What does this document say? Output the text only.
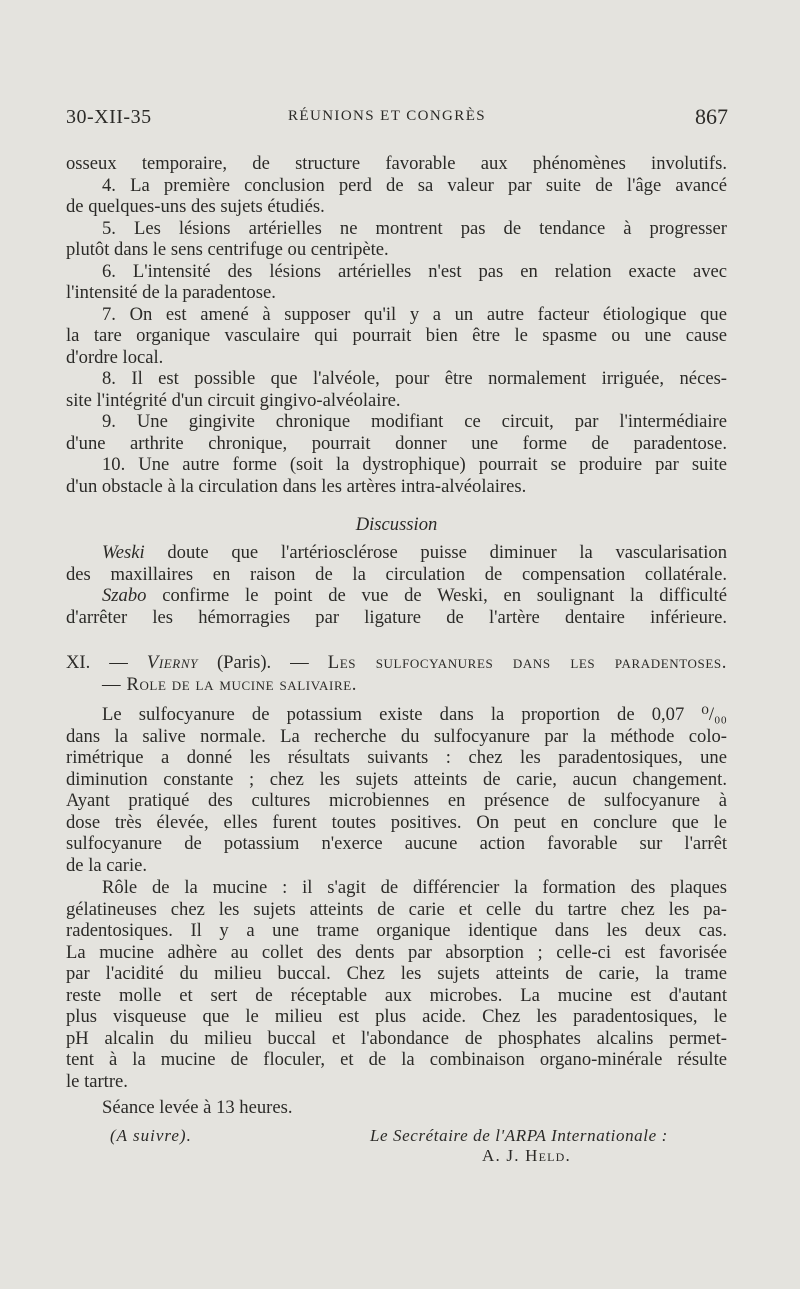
30-XII-35	RÉUNIONS ET CONGRÈS	867
osseux temporaire, de structure favorable aux phénomènes involutifs.
4. La première conclusion perd de sa valeur par suite de l'âge avancé
de quelques-uns des sujets étudiés.
5. Les lésions artérielles ne montrent pas de tendance à progresser
plutôt dans le sens centrifuge ou centripète.
6. L'intensité des lésions artérielles n'est pas en relation exacte avec
l'intensité de la paradentose.
7. On est amené à supposer qu'il y a un autre facteur étiologique que
la tare organique vasculaire qui pourrait bien être le spasme ou une cause
d'ordre local.
8. Il est possible que l'alvéole, pour être normalement irriguée, néces-
site l'intégrité d'un circuit gingivo-alvéolaire.
9. Une gingivite chronique modifiant ce circuit, par l'intermédiaire
d'une arthrite chronique, pourrait donner une forme de paradentose.
10. Une autre forme (soit la dystrophique) pourrait se produire par suite
d'un obstacle à la circulation dans les artères intra-alvéolaires.
Discussion
Weski doute que l'artériosclérose puisse diminuer la vascularisation
des maxillaires en raison de la circulation de compensation collatérale.
Szabo confirme le point de vue de Weski, en soulignant la difficulté
d'arrêter les hémorragies par ligature de l'artère dentaire inférieure.
XI. — Vierny (Paris). — Les sulfocyanures dans les paradentoses.
— Role de la mucine salivaire.
Le sulfocyanure de potassium existe dans la proportion de 0,07 ⁰/₀₀
dans la salive normale. La recherche du sulfocyanure par la méthode colo-
rimétrique a donné les résultats suivants : chez les paradentosiques, une
diminution constante ; chez les sujets atteints de carie, aucun changement.
Ayant pratiqué des cultures microbiennes en présence de sulfocyanure à
dose très élevée, elles furent toutes positives. On peut en conclure que le
sulfocyanure de potassium n'exerce aucune action favorable sur l'arrêt
de la carie.
Rôle de la mucine : il s'agit de différencier la formation des plaques
gélatineuses chez les sujets atteints de carie et celle du tartre chez les pa-
radentosiques. Il y a une trame organique identique dans les deux cas.
La mucine adhère au collet des dents par absorption ; celle-ci est favorisée
par l'acidité du milieu buccal. Chez les sujets atteints de carie, la trame
reste molle et sert de réceptable aux microbes. La mucine est d'autant
plus visqueuse que le milieu est plus acide. Chez les paradentosiques, le
pH alcalin du milieu buccal et l'abondance de phosphates alcalins permet-
tent à la mucine de floculer, et de la combinaison organo-minérale résulte
le tartre.
Séance levée à 13 heures.
(A suivre).	Le Secrétaire de l'ARPA Internationale :
A. J. Held.
